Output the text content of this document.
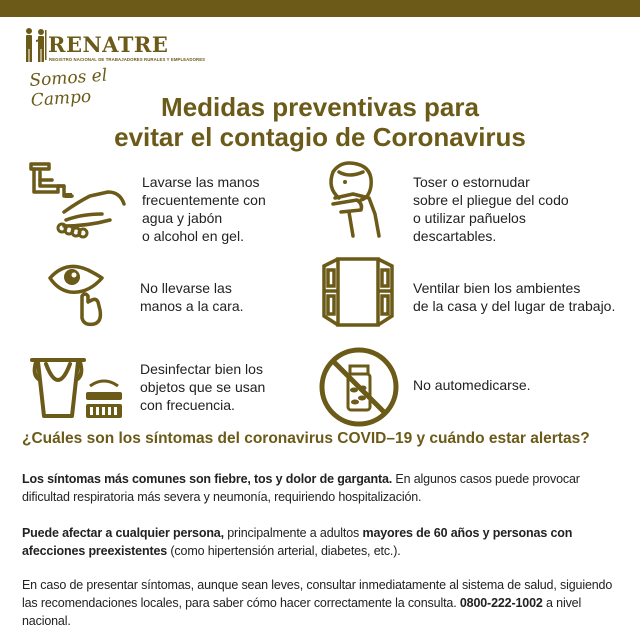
RENATRE
REGISTRO NACIONAL DE TRABAJADORES RURALES Y EMPLEADORES
Somos el Campo	Medidas preventivas para
evitar el contagio de Coronavirus
Lavarse las manos
frecuentemente con
agua y jabón
o alcohol en gel.
Toser o estornudar
sobre el pliegue del codo
o utilizar pañuelos
descartables.
No llevarse las
manos a la cara.
Ventilar bien los ambientes
de la casa y del lugar de trabajo.
Desinfectar bien los
objetos que se usan
con frecuencia.
No automedicarse.
¿Cuáles son los síntomas del coronavirus COVID–19 y cuándo estar alertas?
Los síntomas más comunes son fiebre, tos y dolor de garganta. En algunos casos puede provocar dificultad respiratoria más severa y neumonía, requiriendo hospitalización.
Puede afectar a cualquier persona, principalmente a adultos mayores de 60 años y personas con afecciones preexistentes (como hipertensión arterial, diabetes, etc.).
En caso de presentar síntomas, aunque sean leves, consultar inmediatamente al sistema de salud, siguiendo las recomendaciones locales, para saber cómo hacer correctamente la consulta. 0800-222-1002 a nivel nacional.
